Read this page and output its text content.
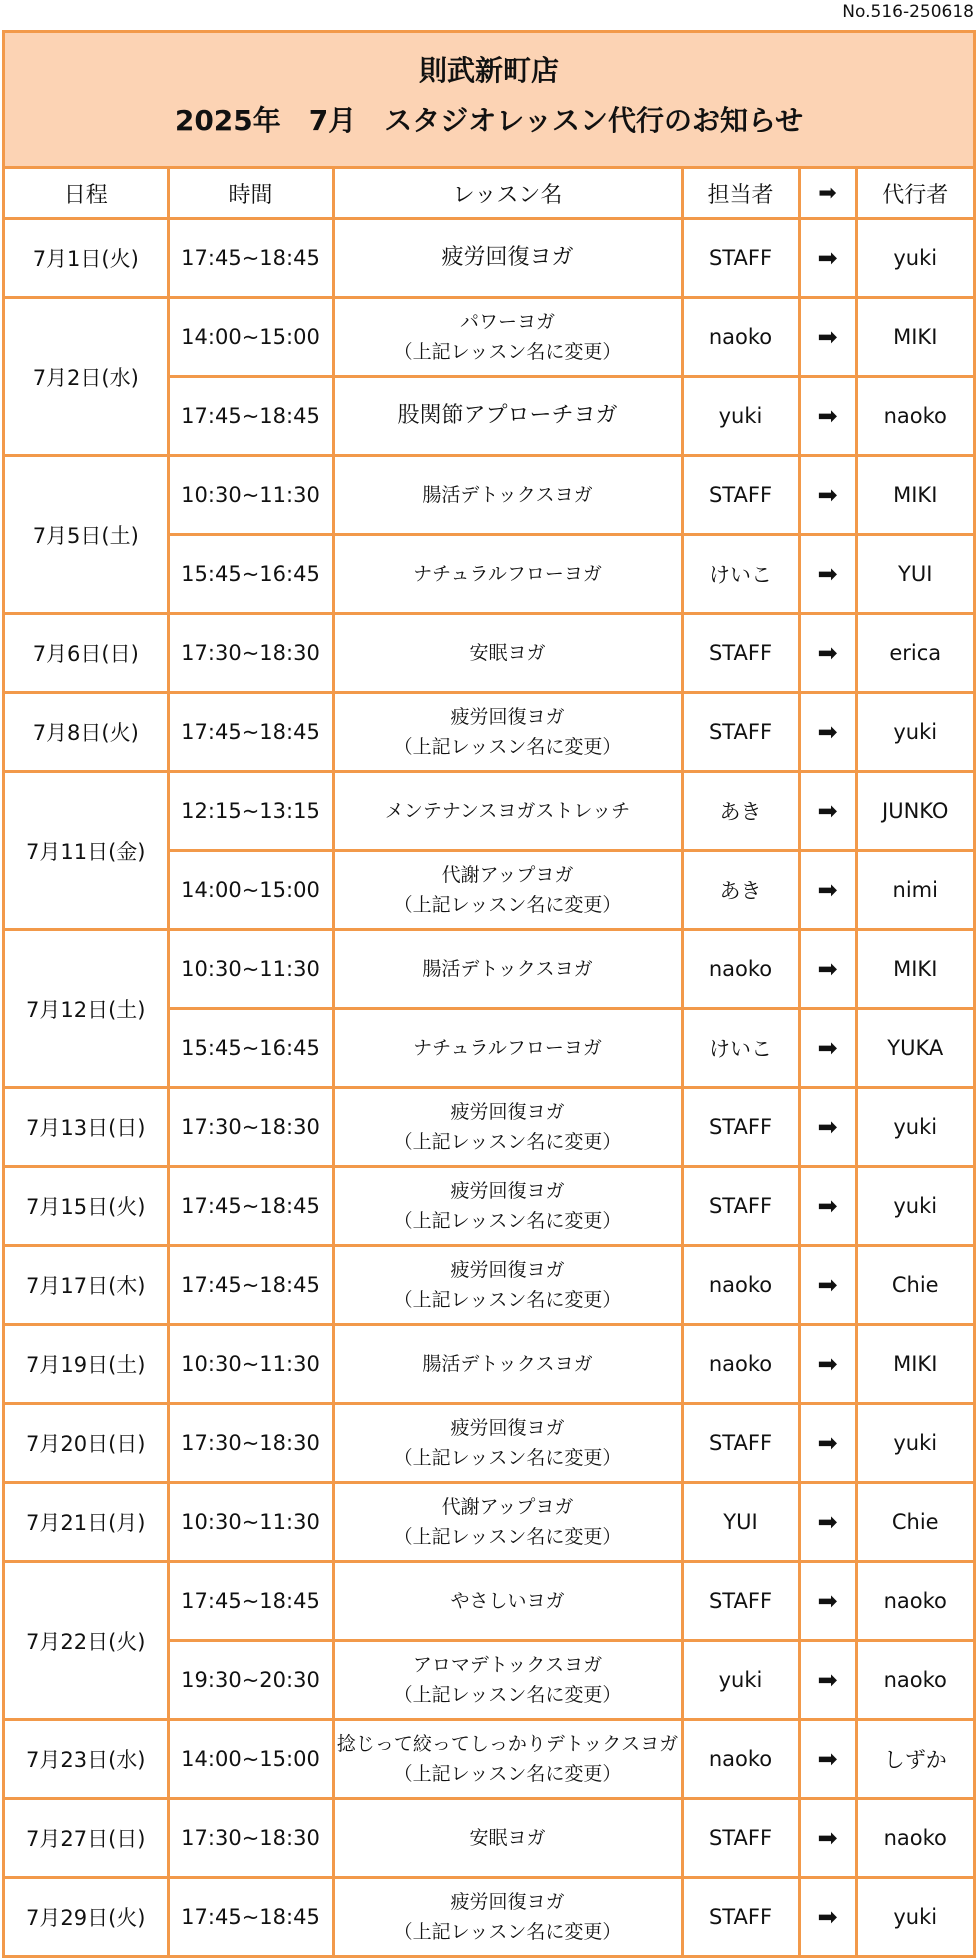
No.516-250618
則武新町店
2025年　7月　スタジオレッスン代行のお知らせ
日程	時間	レッスン名	担当者	➡	代行者
7月1日(火)	17:45~18:45	疲労回復ヨガ	STAFF	➡	yuki
7月2日(水)	14:00~15:00	パワーヨガ
（上記レッスン名に変更）	naoko	➡	MIKI
	17:45~18:45	股関節アプローチヨガ	yuki	➡	naoko
7月5日(土)	10:30~11:30	腸活デトックスヨガ	STAFF	➡	MIKI
	15:45~16:45	ナチュラルフローヨガ	けいこ	➡	YUI
7月6日(日)	17:30~18:30	安眠ヨガ	STAFF	➡	erica
7月8日(火)	17:45~18:45	疲労回復ヨガ
（上記レッスン名に変更）	STAFF	➡	yuki
7月11日(金)	12:15~13:15	メンテナンスヨガストレッチ	あき	➡	JUNKO
	14:00~15:00	代謝アップヨガ
（上記レッスン名に変更）	あき	➡	nimi
7月12日(土)	10:30~11:30	腸活デトックスヨガ	naoko	➡	MIKI
	15:45~16:45	ナチュラルフローヨガ	けいこ	➡	YUKA
7月13日(日)	17:30~18:30	疲労回復ヨガ
（上記レッスン名に変更）	STAFF	➡	yuki
7月15日(火)	17:45~18:45	疲労回復ヨガ
（上記レッスン名に変更）	STAFF	➡	yuki
7月17日(木)	17:45~18:45	疲労回復ヨガ
（上記レッスン名に変更）	naoko	➡	Chie
7月19日(土)	10:30~11:30	腸活デトックスヨガ	naoko	➡	MIKI
7月20日(日)	17:30~18:30	疲労回復ヨガ
（上記レッスン名に変更）	STAFF	➡	yuki
7月21日(月)	10:30~11:30	代謝アップヨガ
（上記レッスン名に変更）	YUI	➡	Chie
7月22日(火)	17:45~18:45	やさしいヨガ	STAFF	➡	naoko
	19:30~20:30	アロマデトックスヨガ
（上記レッスン名に変更）	yuki	➡	naoko
7月23日(水)	14:00~15:00	捻じって絞ってしっかりデトックスヨガ
（上記レッスン名に変更）	naoko	➡	しずか
7月27日(日)	17:30~18:30	安眠ヨガ	STAFF	➡	naoko
7月29日(火)	17:45~18:45	疲労回復ヨガ
（上記レッスン名に変更）	STAFF	➡	yuki
